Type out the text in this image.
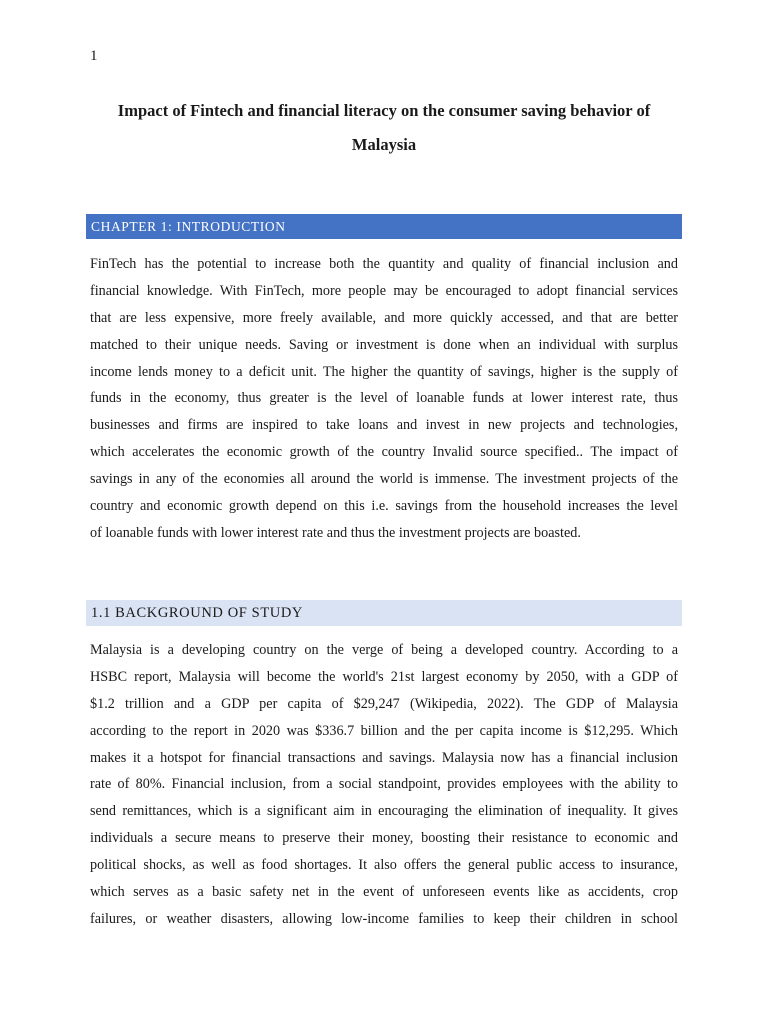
1
Impact of Fintech and financial literacy on the consumer saving behavior of Malaysia
CHAPTER 1: INTRODUCTION
FinTech has the potential to increase both the quantity and quality of financial inclusion and
financial knowledge. With FinTech, more people may be encouraged to adopt financial services
that are less expensive, more freely available, and more quickly accessed, and that are better
matched to their unique needs. Saving or investment is done when an individual with surplus
income lends money to a deficit unit. The higher the quantity of savings, higher is the supply of
funds in the economy, thus greater is the level of loanable funds at lower interest rate, thus
businesses and firms are inspired to take loans and invest in new projects and technologies,
which accelerates the economic growth of the country Invalid source specified.. The impact of
savings in any of the economies all around the world is immense. The investment projects of the
country and economic growth depend on this i.e. savings from the household increases the level
of loanable funds with lower interest rate and thus the investment projects are boasted.
1.1 BACKGROUND OF STUDY
Malaysia is a developing country on the verge of being a developed country. According to a
HSBC report, Malaysia will become the world's 21st largest economy by 2050, with a GDP of
$1.2 trillion and a GDP per capita of $29,247 (Wikipedia, 2022). The GDP of Malaysia
according to the report in 2020 was $336.7 billion and the per capita income is $12,295. Which
makes it a hotspot for financial transactions and savings. Malaysia now has a financial inclusion
rate of 80%. Financial inclusion, from a social standpoint, provides employees with the ability to
send remittances, which is a significant aim in encouraging the elimination of inequality. It gives
individuals a secure means to preserve their money, boosting their resistance to economic and
political shocks, as well as food shortages. It also offers the general public access to insurance,
which serves as a basic safety net in the event of unforeseen events like as accidents, crop
failures, or weather disasters, allowing low-income families to keep their children in school
